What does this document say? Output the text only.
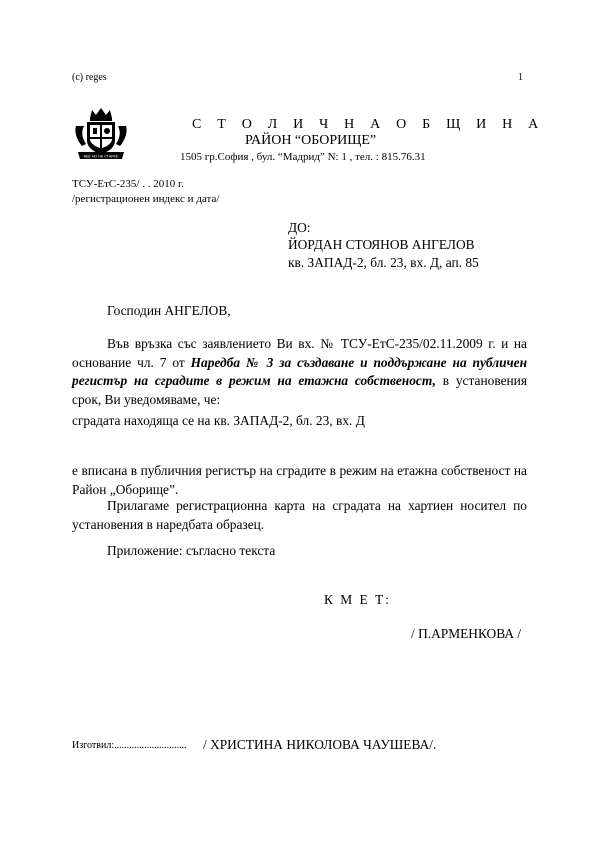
(c) reges	1
ВЕЕ НО НЕ СТАРЕЕ
С Т О Л И Ч Н А О Б Щ И Н А
РАЙОН “ОБОРИЩЕ”
1505 гр.София , бул. “Мадрид” N: 1 , тел. : 815.76.31
ТСУ-ЕтС-235/ . . 2010 г.
/регистрационен индекс и дата/
ДО:
ЙОРДАН СТОЯНОВ АНГЕЛОВ
кв. ЗАПАД-2, бл. 23, вх. Д, ап. 85
Господин АНГЕЛОВ,
Във връзка със заявлението Ви вх. № ТСУ-ЕтС-235/02.11.2009 г. и на основание чл. 7 от Наредба № 3 за създаване и поддържане на публичен регистър на сградите в режим на етажна собственост, в установения срок, Ви уведомяваме, че:
сградата находяща се на кв. ЗАПАД-2, бл. 23, вх. Д
е вписана в публичния регистър на сградите в режим на етажна собственост на Район „Оборище”.
Прилагаме регистрационна карта на сградата на хартиен носител по установения в наредбата образец.
Приложение: съгласно текста
К М Е Т:
/ П.АРМЕНКОВА /
Изготвил:............................. / ХРИСТИНА НИКОЛОВА ЧАУШЕВА/.
